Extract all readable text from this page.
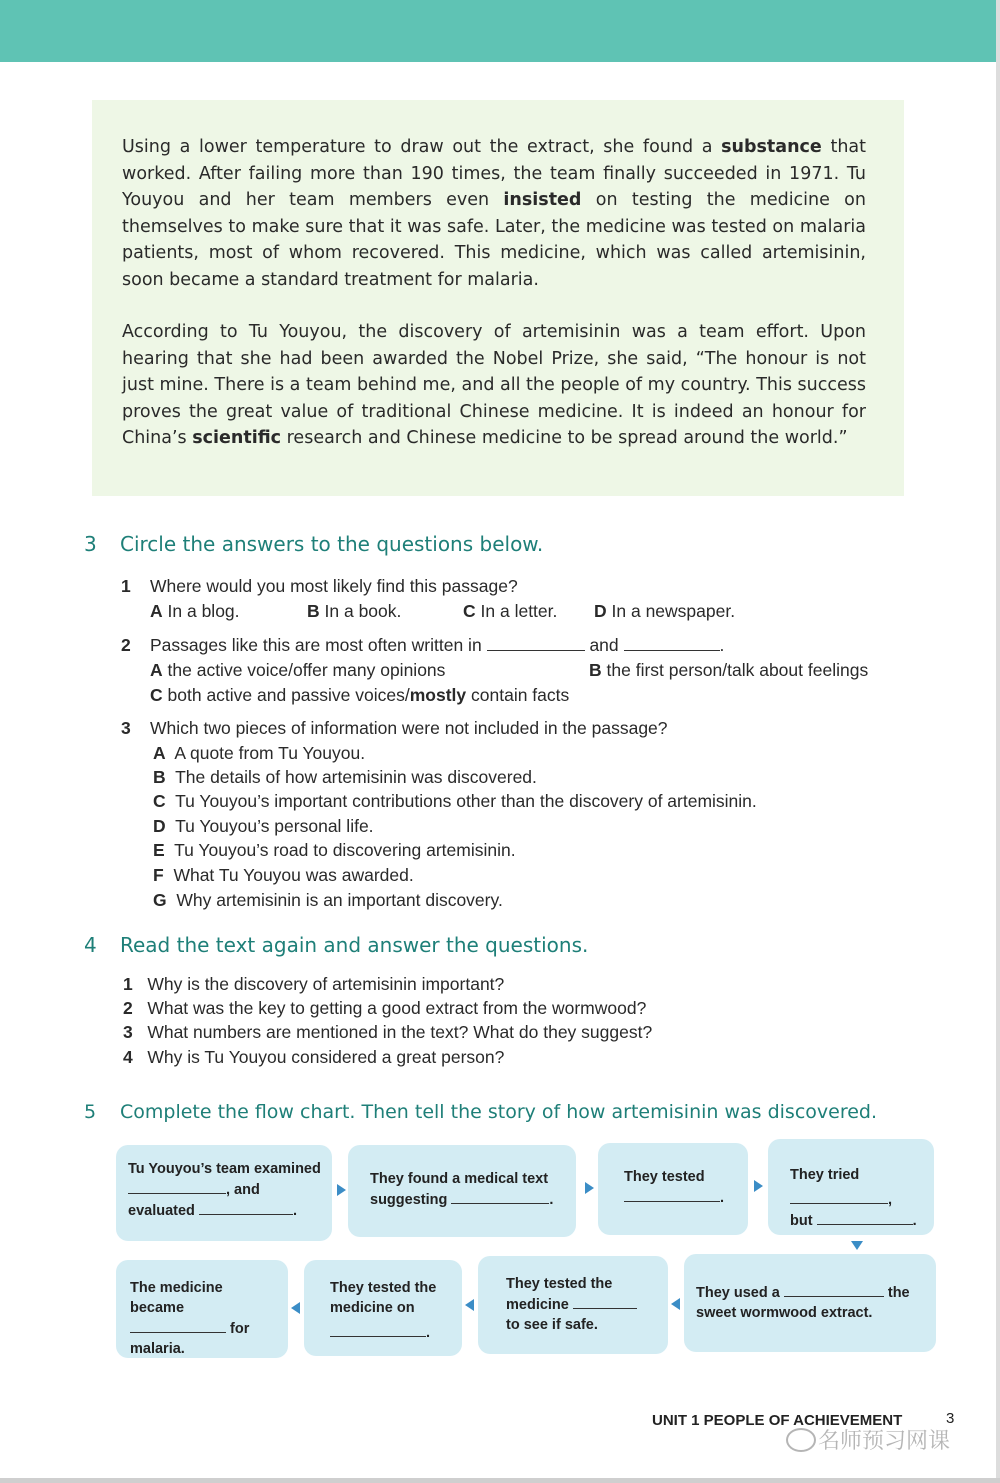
Using a lower temperature to draw out the extract, she found a substance that worked. After failing more than 190 times, the team finally succeeded in 1971. Tu Youyou and her team members even insisted on testing the medicine on themselves to make sure that it was safe. Later, the medicine was tested on malaria patients, most of whom recovered. This medicine, which was called artemisinin, soon became a standard treatment for malaria.

According to Tu Youyou, the discovery of artemisinin was a team effort. Upon hearing that she had been awarded the Nobel Prize, she said, “The honour is not just mine. There is a team behind me, and all the people of my country. This success proves the great value of traditional Chinese medicine. It is indeed an honour for China’s scientific research and Chinese medicine to be spread around the world.”

3 Circle the answers to the questions below.
1 Where would you most likely find this passage?
A In a blog.	B In a book.	C In a letter. D In a newspaper.
2 Passages like this are most often written in	and	.
A the active voice/offer many opinions	B the first person/talk about feelings
C both active and passive voices/mostly contain facts
3 Which two pieces of information were not included in the passage?
A A quote from Tu Youyou.
B The details of how artemisinin was discovered.
C Tu Youyou’s important contributions other than the discovery of artemisinin.
D Tu Youyou’s personal life.
E Tu Youyou’s road to discovering artemisinin.
F What Tu Youyou was awarded.
G Why artemisinin is an important discovery.
4 Read the text again and answer the questions.
1 Why is the discovery of artemisinin important?
2 What was the key to getting a good extract from the wormwood?
3 What numbers are mentioned in the text? What do they suggest?
4 Why is Tu Youyou considered a great person?
5 Complete the flow chart. Then tell the story of how artemisinin was discovered.
Tu Youyou’s team examined
, and
evaluated	.
They found a medical text
suggesting	.
They tested
.
They tried
,
but	.
They used a	the
sweet wormwood extract.
They tested the
medicine
to see if safe.
They tested the
medicine on
.
The medicine became
for
malaria.
UNIT 1 PEOPLE OF ACHIEVEMENT	3
名师预习网课
